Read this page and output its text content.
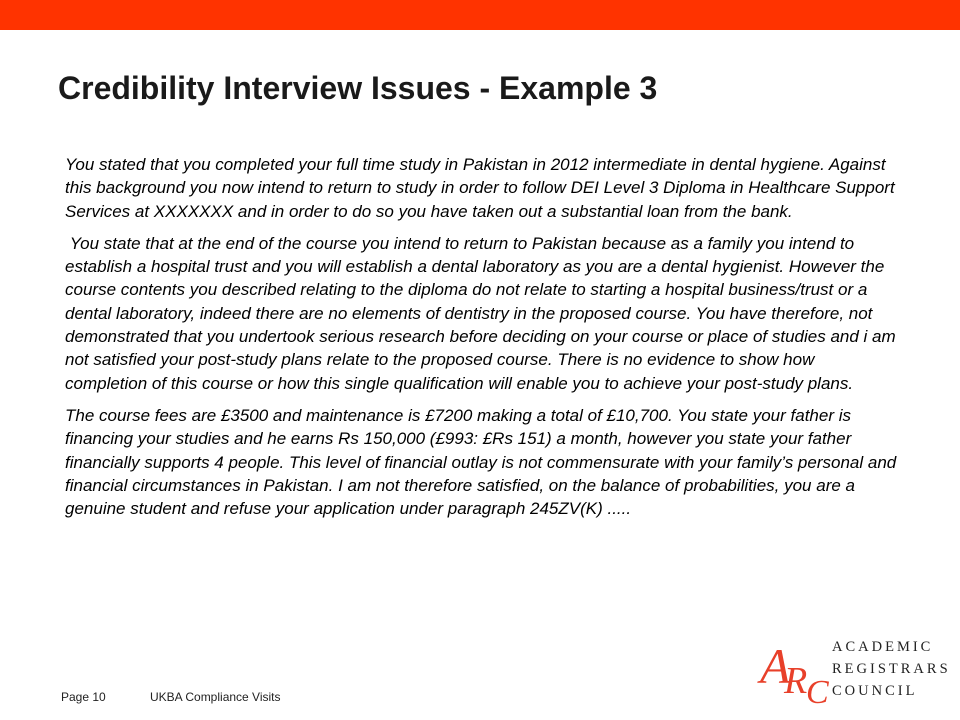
Credibility Interview Issues - Example 3

You stated that you completed your full time study in Pakistan in 2012 intermediate in dental hygiene. Against this background you now intend to return to study in order to follow DEI Level 3 Diploma in Healthcare Support Services at XXXXXXX and in order to do so you have taken out a substantial loan from the bank.

You state that at the end of the course you intend to return to Pakistan because as a family you intend to establish a hospital trust and you will establish a dental laboratory as you are a dental hygienist. However the course contents you described relating to the diploma do not relate to starting a hospital business/trust or a dental laboratory, indeed there are no elements of dentistry in the proposed course. You have therefore, not demonstrated that you undertook serious research before deciding on your course or place of studies and i am not satisfied your post-study plans relate to the proposed course. There is no evidence to show how completion of this course or how this single qualification will enable you to achieve your post-study plans.

The course fees are £3500 and maintenance is £7200 making a total of £10,700. You state your father is financing your studies and he earns Rs 150,000 (£993: £Rs 151) a month, however you state your father financially supports 4 people. This level of financial outlay is not commensurate with your family’s personal and financial circumstances in Pakistan. I am not therefore satisfied, on the balance of probabilities, you are a genuine student and refuse your application under paragraph 245ZV(K) .....

Page 10	UKBA Compliance Visits
A
R
C
ACADEMIC
REGISTRARS
COUNCIL
